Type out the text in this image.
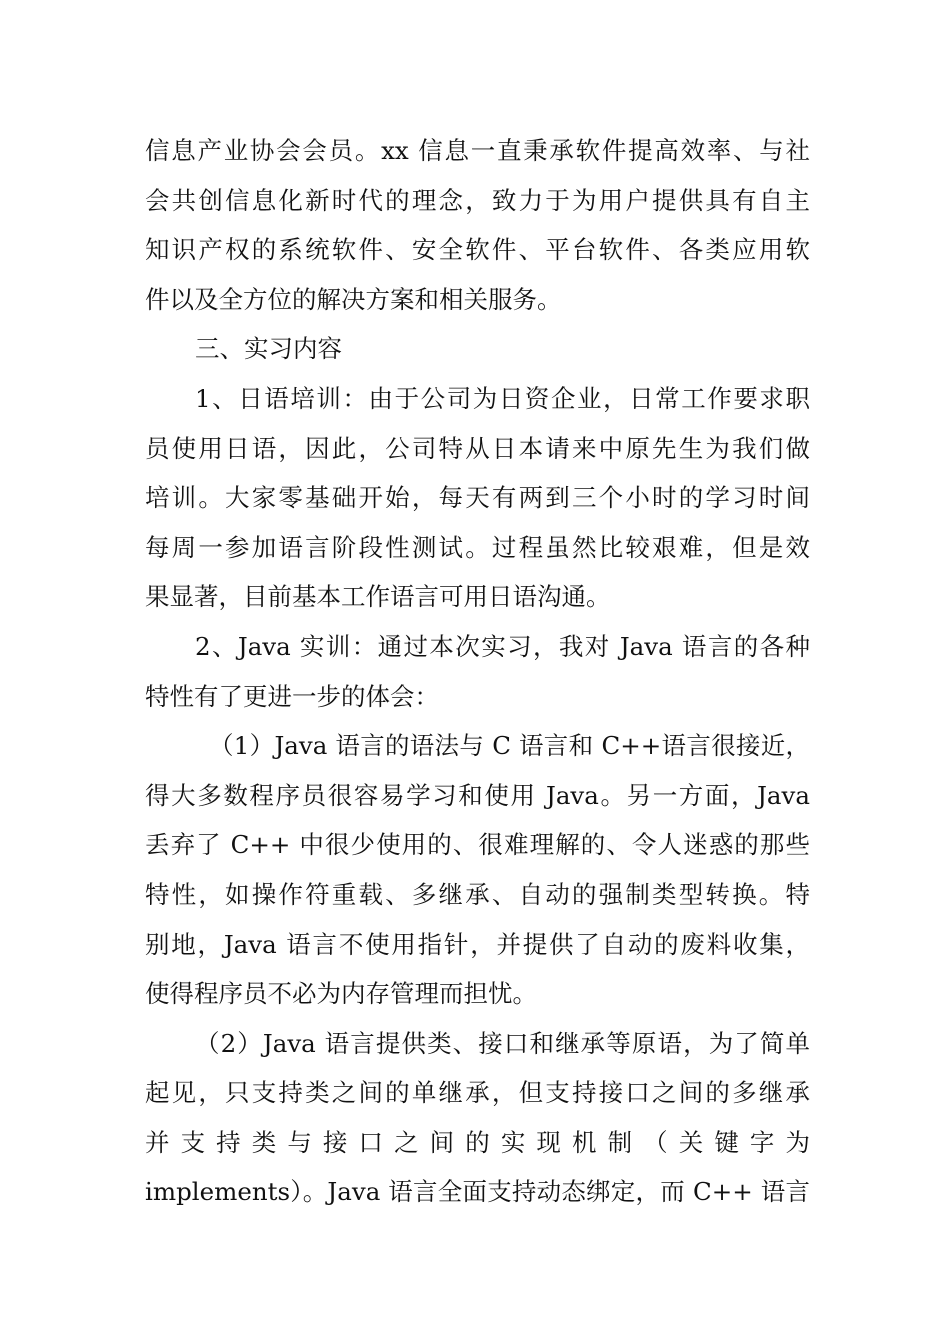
信息产业协会会员。xx 信息一直秉承软件提高效率、与社
会共创信息化新时代的理念，致力于为用户提供具有自主
知识产权的系统软件、安全软件、平台软件、各类应用软
件以及全方位的解决方案和相关服务。
三、实习内容
1、日语培训：由于公司为日资企业，日常工作要求职
员使用日语，因此，公司特从日本请来中原先生为我们做
培训。大家零基础开始，每天有两到三个小时的学习时间
每周一参加语言阶段性测试。过程虽然比较艰难，但是效
果显著，目前基本工作语言可用日语沟通。
2、Java 实训：通过本次实习，我对 Java 语言的各种
特性有了更进一步的体会：
（1）Java 语言的语法与 C 语言和 C++语言很接近，
得大多数程序员很容易学习和使用 Java。另一方面，Java
丢弃了 C++ 中很少使用的、很难理解的、令人迷惑的那些
特性，如操作符重载、多继承、自动的强制类型转换。特
别地，Java 语言不使用指针，并提供了自动的废料收集，
使得程序员不必为内存管理而担忧。
（2）Java 语言提供类、接口和继承等原语，为了简单
起见，只支持类之间的单继承，但支持接口之间的多继承
并 支 持 类 与 接 口 之 间 的 实 现 机 制 （ 关 键 字 为
implements）。Java 语言全面支持动态绑定，而 C++ 语言
